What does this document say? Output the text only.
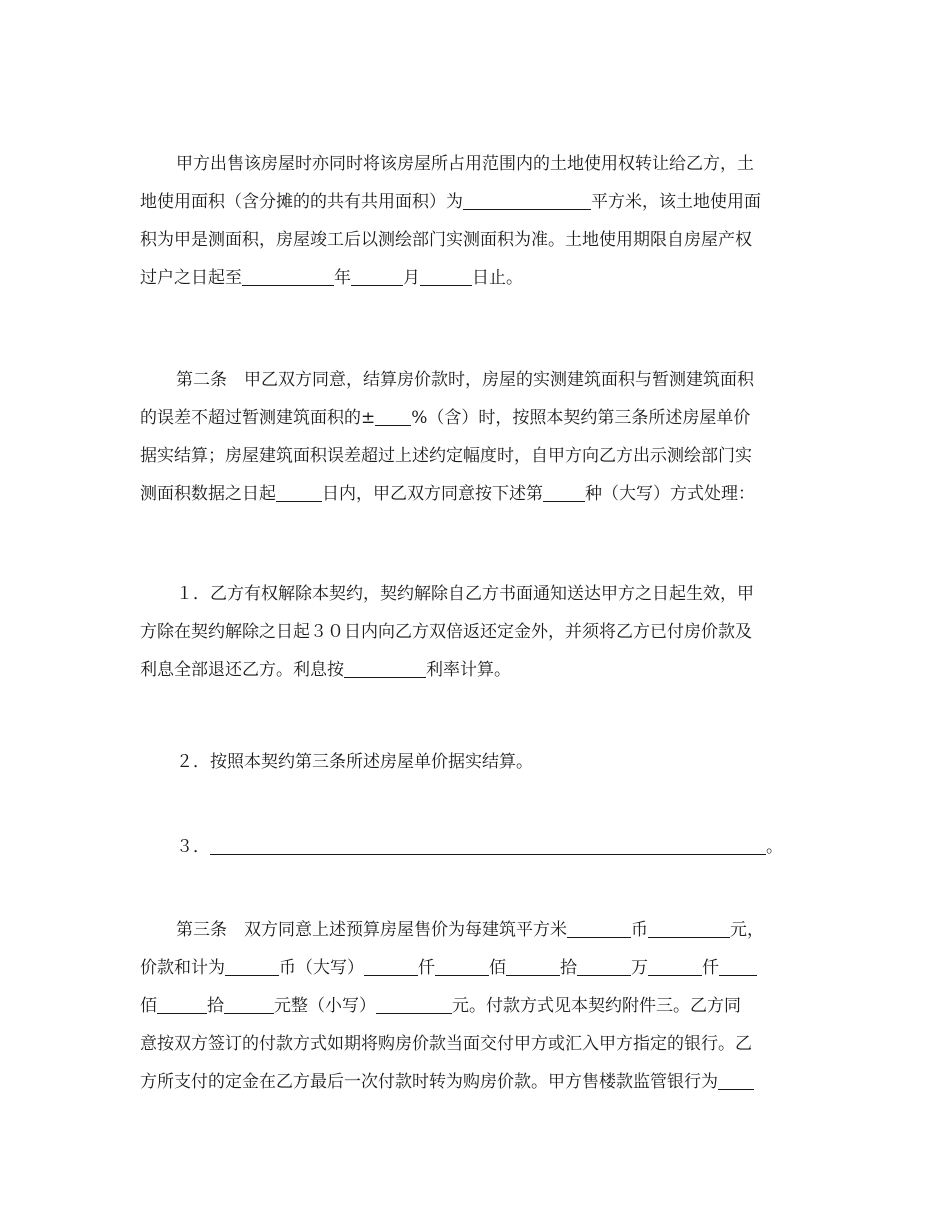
甲方出售该房屋时亦同时将该房屋所占用范围内的土地使用权转让给乙方，土
地使用面积（含分摊的的共有共用面积）为	平方米，该土地使用面
积为甲是测面积，房屋竣工后以测绘部门实测面积为准。土地使用期限自房屋产权
过户之日起至	年	月	日止。
第二条　甲乙双方同意，结算房价款时，房屋的实测建筑面积与暂测建筑面积
的误差不超过暂测建筑面积的± %（含）时，按照本契约第三条所述房屋单价
据实结算；房屋建筑面积误差超过上述约定幅度时，自甲方向乙方出示测绘部门实
测面积数据之日起	日内，甲乙双方同意按下述第 种（大写）方式处理：
１．乙方有权解除本契约，契约解除自乙方书面通知送达甲方之日起生效，甲
方除在契约解除之日起３０日内向乙方双倍返还定金外，并须将乙方已付房价款及
利息全部退还乙方。利息按	利率计算。

２．按照本契约第三条所述房屋单价据实结算。

３．	。

第三条　双方同意上述预算房屋售价为每建筑平方米	币	元，
价款和计为	币（大写）	仟	佰	拾	万	仟
佰	拾	元整（小写）	元。付款方式见本契约附件三。乙方同
意按双方签订的付款方式如期将购房价款当面交付甲方或汇入甲方指定的银行。乙
方所支付的定金在乙方最后一次付款时转为购房价款。甲方售楼款监管银行为
